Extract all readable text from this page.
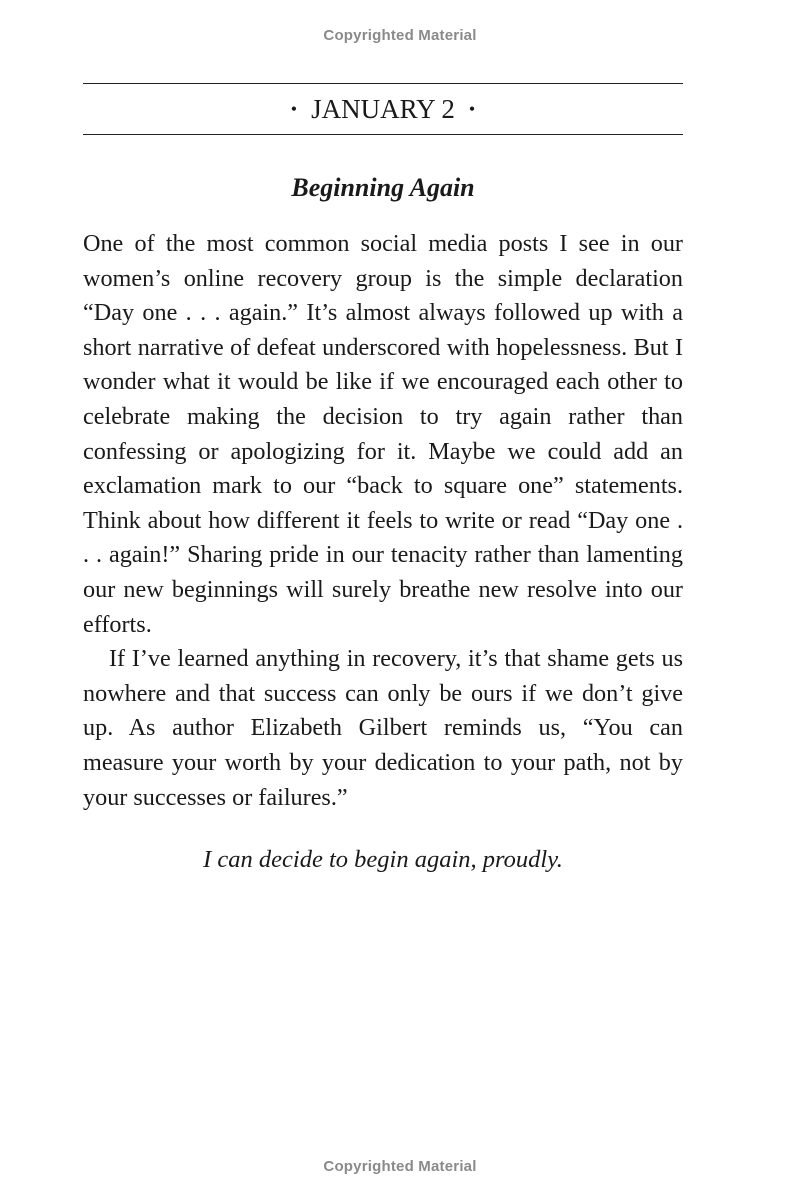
Copyrighted Material
• JANUARY 2 •
Beginning Again

One of the most common social media posts I see in our women’s online recovery group is the simple declaration “Day one . . . again.” It’s almost always followed up with a short narrative of defeat underscored with hopelessness. But I wonder what it would be like if we encouraged each other to celebrate making the decision to try again rather than confessing or apologizing for it. Maybe we could add an exclamation mark to our “back to square one” statements. Think about how different it feels to write or read “Day one . . . again!” Sharing pride in our tenacity rather than lamenting our new beginnings will surely breathe new resolve into our efforts.

If I’ve learned anything in recovery, it’s that shame gets us nowhere and that success can only be ours if we don’t give up. As author Elizabeth Gilbert reminds us, “You can measure your worth by your dedication to your path, not by your successes or failures.”

I can decide to begin again, proudly.
Copyrighted Material
